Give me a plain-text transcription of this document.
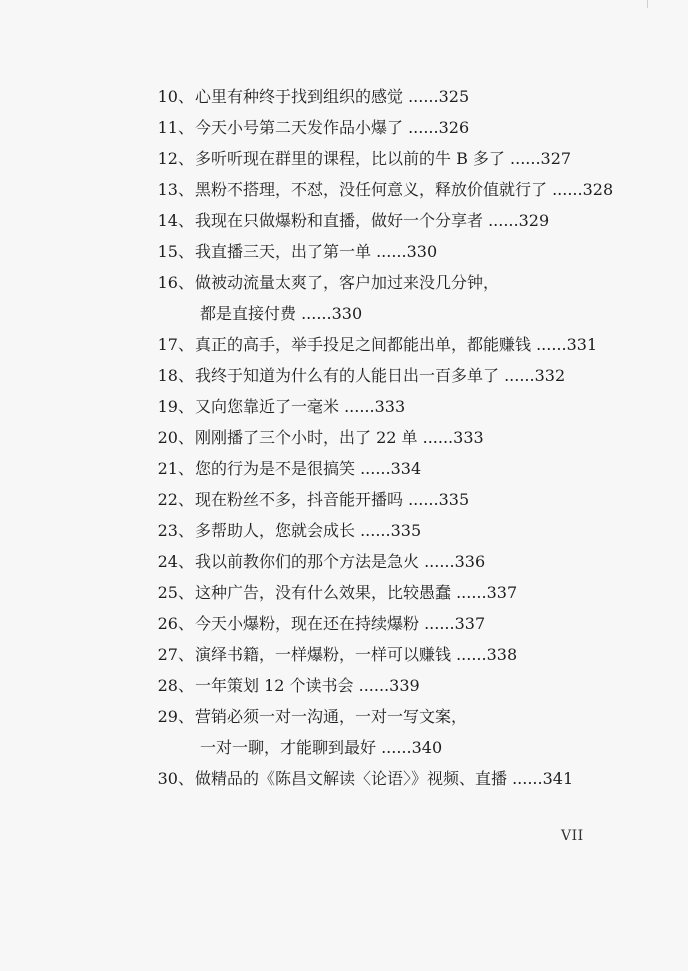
10、 心里有种终于找到组织的感觉 ......325
11、 今天小号第二天发作品小爆了 ......326
12、 多听听现在群里的课程，比以前的牛 B 多了 ......327
13、 黑粉不搭理，不怼，没任何意义，释放价值就行了 ......328
14、 我现在只做爆粉和直播，做好一个分享者 ......329
15、 我直播三天，出了第一单 ......330
16、 做被动流量太爽了，客户加过来没几分钟，
都是直接付费 ......330
17、 真正的高手，举手投足之间都能出单，都能赚钱 ......331
18、 我终于知道为什么有的人能日出一百多单了 ......332
19、 又向您靠近了一毫米 ......333
20、 刚刚播了三个小时，出了 22 单 ......333
21、 您的行为是不是很搞笑 ......334
22、 现在粉丝不多，抖音能开播吗 ......335
23、 多帮助人，您就会成长 ......335
24、 我以前教你们的那个方法是急火 ......336
25、 这种广告，没有什么效果，比较愚蠢 ......337
26、 今天小爆粉，现在还在持续爆粉 ......337
27、 演绎书籍，一样爆粉，一样可以赚钱 ......338
28、 一年策划 12 个读书会 ......339
29、 营销必须一对一沟通，一对一写文案，
一对一聊，才能聊到最好 ......340
30、 做精品的《陈昌文解读〈论语〉》视频、直播 ......341
VII
